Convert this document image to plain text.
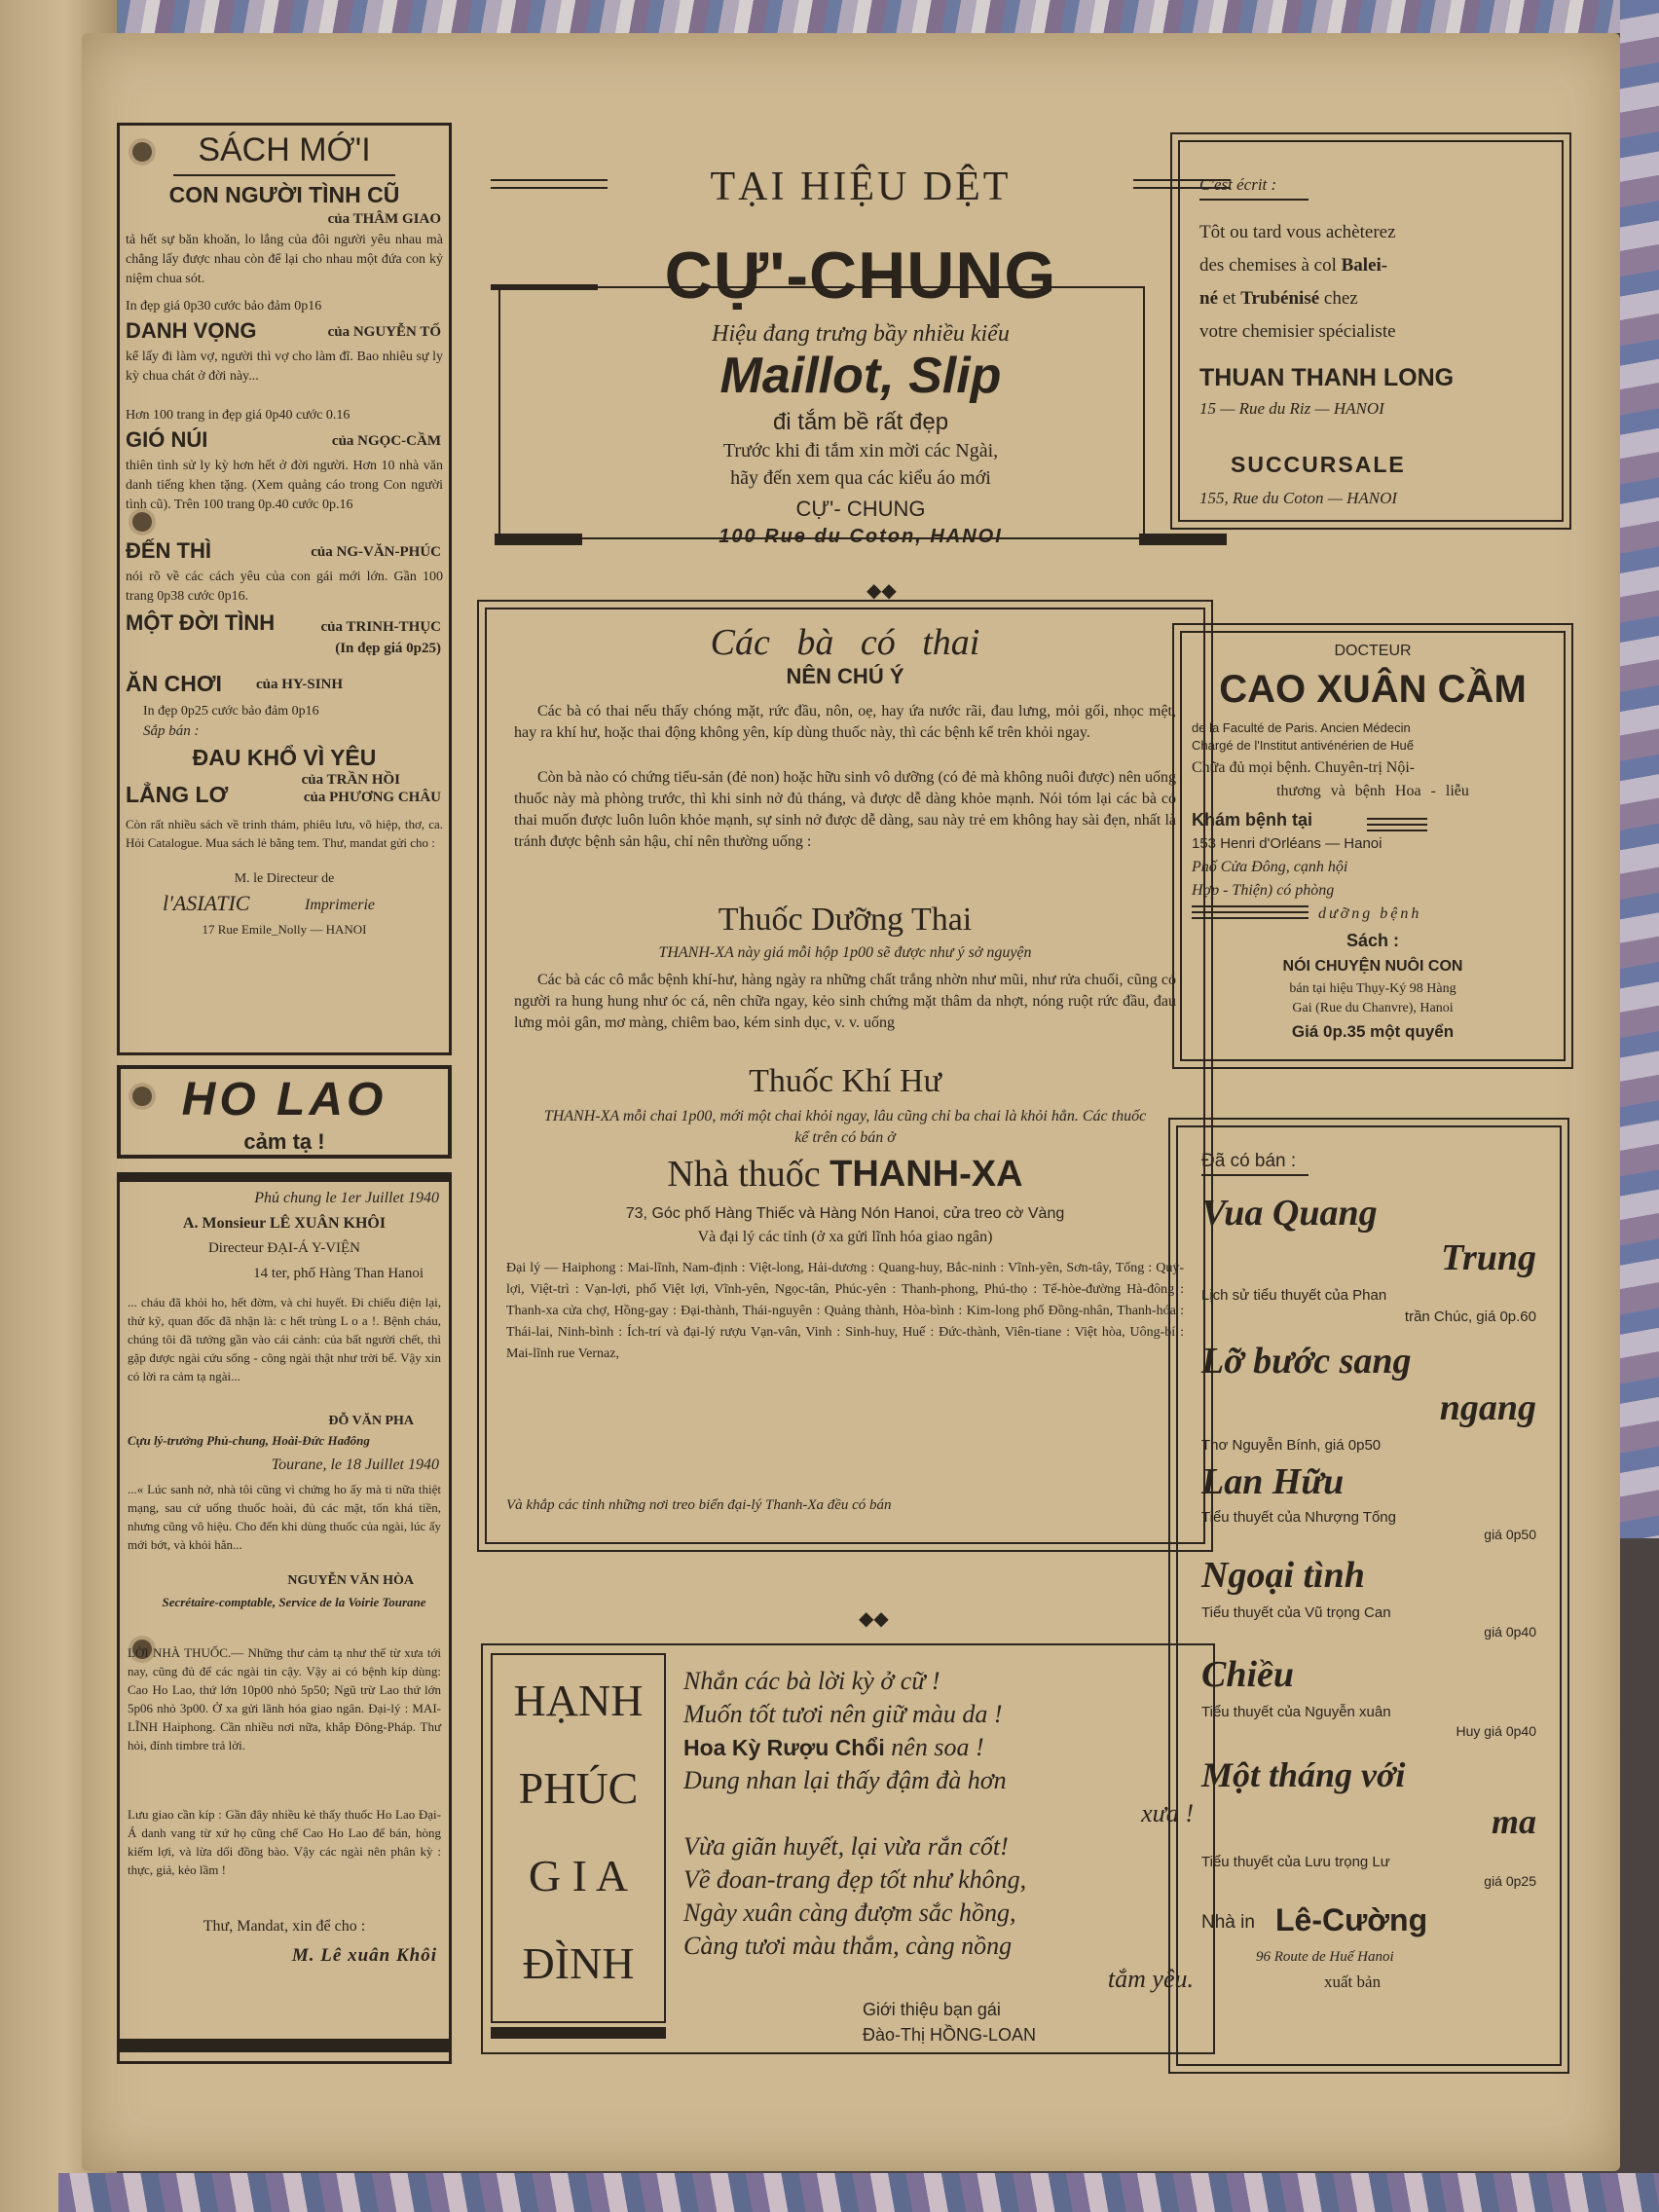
SÁCH MỚ'I
CON NGƯỜI TÌNH CŨ
của THÂM GIAO
tả hết sự băn khoăn, lo lắng của đôi người yêu nhau mà chẳng lấy được nhau còn để lại cho nhau một đứa con kỷ niệm chua sót.
In đẹp giá 0p30 cước bảo đảm 0p16
DANH VỌNG	của NGUYỄN TỐ
kể lấy đi làm vợ, người thì vợ cho làm đĩ. Bao nhiêu sự ly kỳ chua chát ở đời này...
Hơn 100 trang in đẹp giá 0p40 cước 0.16
GIÓ NÚI	của NGỌC-CẦM
thiên tình sử ly kỳ hơn hết ở đời người. Hơn 10 nhà văn danh tiếng khen tặng. (Xem quảng cáo trong Con người tình cũ). Trên 100 trang 0p.40 cước 0p.16
ĐẾN THÌ	của NG-VĂN-PHÚC
nói rõ về các cách yêu của con gái mới lớn. Gần 100 trang 0p38 cước 0p16.
MỘT ĐỜI TÌNH	của TRINH-THỤC (In đẹp giá 0p25)
ĂN CHƠI của HY-SINH
In đẹp 0p25 cước bảo đảm 0p16
Sắp bán :
ĐAU KHỔ VÌ YÊU
của TRẦN HỒI
LẲNG LƠ	của PHƯƠNG CHÂU
Còn rất nhiều sách về trinh thám, phiêu lưu, võ hiệp, thơ, ca. Hỏi Catalogue. Mua sách lẻ bằng tem. Thư, mandat gửi cho :
M. le Directeur de
l'ASIATIC	Imprimerie
17 Rue Emile_Nolly — HANOI
HO LAO
cảm tạ !
Phủ chung le 1er Juillet 1940
A. Monsieur LÊ XUÂN KHÔI
Directeur ĐẠI-Á Y-VIỆN
14 ter, phố Hàng Than Hanoi
... cháu đã khỏi ho, hết đờm, và chỉ huyết. Đi chiếu điện lại, thử kỹ, quan đốc đã nhận là: c hết trùng L o a !. Bệnh cháu, chúng tôi đã tưởng gần vào cái cảnh: của bất người chết, thì gặp được ngài cứu sống - công ngài thật như trời bể. Vậy xin có lời ra cảm tạ ngài...
ĐỖ VĂN PHA
Cựu lý-trưởng Phủ-chung, Hoài-Đức Hađông
Tourane, le 18 Juillet 1940
...« Lúc sanh nở, nhà tôi cũng vì chứng ho ấy mà ti nữa thiệt mạng, sau cứ uống thuốc hoài, đủ các mặt, tốn khá tiền, nhưng cũng vô hiệu. Cho đến khi dùng thuốc của ngài, lúc ấy mới bớt, và khỏi hẳn...
NGUYỄN VĂN HÒA
Secrétaire-comptable, Service de la Voirie Tourane
LỜI NHÀ THUỐC.— Những thư cảm tạ như thế từ xưa tới nay, cũng đủ để các ngài tin cậy. Vậy ai có bệnh kíp dùng: Cao Ho Lao, thứ lớn 10p00 nhỏ 5p50; Ngũ trừ Lao thứ lớn 5p06 nhỏ 3p00. Ở xa gửi lãnh hóa giao ngân. Đại-lý : MAI-LĨNH Haiphong. Cần nhiều nơi nữa, khắp Đông-Pháp. Thư hỏi, đính timbre trả lời.
Lưu giao cần kíp : Gần đây nhiều kẻ thấy thuốc Ho Lao Đại-Á danh vang từ xứ họ cũng chế Cao Ho Lao để bán, hòng kiếm lợi, và lừa dối đồng bào. Vậy các ngài nên phân kỳ : thực, giả, kẻo lầm !
Thư, Mandat, xin để cho :
M. Lê xuân Khôi
TẠI HIỆU DỆT
CỰ'-CHUNG
Hiệu đang trưng bầy nhiều kiểu
Maillot, Slip
đi tắm bề rất đẹp
Trước khi đi tắm xin mời các Ngài,
hãy đến xem qua các kiểu áo mới
CỰ'- CHUNG
100 Rue du Coton, HANOI
◆◆
C'est écrit :
Tôt ou tard vous achèterez
des chemises à col Balei-
né et Trubénisé chez
votre chemisier spécialiste
THUAN THANH LONG
15 — Rue du Riz — HANOI
SUCCURSALE
155, Rue du Coton — HANOI
Các bà có thai
NÊN CHÚ Ý
Các bà có thai nếu thấy chóng mặt, rức đầu, nôn, oẹ, hay ứa nước rãi, đau lưng, mỏi gối, nhọc mệt, hay ra khí hư, hoặc thai động không yên, kíp dùng thuốc này, thì các bệnh kể trên khỏi ngay.
Còn bà nào có chứng tiểu-sản (đẻ non) hoặc hữu sinh vô dưỡng (có đẻ mà không nuôi được) nên uống thuốc này mà phòng trước, thì khi sinh nở đủ tháng, và được dễ dàng khỏe mạnh. Nói tóm lại các bà có thai muốn được luôn luôn khỏe mạnh, sự sinh nở được dễ dàng, sau này trẻ em không hay sài đẹn, nhất là tránh được bệnh sản hậu, chỉ nên thường uống :
Thuốc Dưỡng Thai
THANH-XA này giá mỗi hộp 1p00 sẽ được như ý sở nguyện
Các bà các cô mắc bệnh khí-hư, hàng ngày ra những chất trắng nhờn như mũi, như rửa chuối, cũng có người ra hung hung như óc cá, nên chữa ngay, kẻo sinh chứng mặt thâm da nhợt, nóng ruột rức đầu, đau lưng mỏi gân, mơ màng, chiêm bao, kém sinh dục, v. v. uống
Thuốc Khí Hư
THANH-XA mỗi chai 1p00, mới một chai khỏi ngay, lâu cũng chỉ ba chai là khỏi hẳn. Các thuốc kể trên có bán ở
Nhà thuốc THANH-XA
73, Góc phố Hàng Thiếc và Hàng Nón Hanoi, cửa treo cờ Vàng
Và đại lý các tỉnh (ở xa gửi lĩnh hóa giao ngân)
Đại lý — Haiphong : Mai-lĩnh, Nam-định : Việt-long, Hải-dương : Quang-huy, Bắc-ninh : Vĩnh-yên, Sơn-tây, Tống : Quý-lợi, Việt-trì : Vạn-lợi, phố Việt lợi, Vĩnh-yên, Ngọc-tân, Phúc-yên : Thanh-phong, Phú-thọ : Tế-hòe-đường Hà-đông : Thanh-xa cửa chợ, Hồng-gay : Đại-thành, Thái-nguyên : Quảng thành, Hòa-bình : Kim-long phố Đồng-nhân, Thanh-hóa : Thái-lai, Ninh-bình : Ích-trí và đại-lý rượu Vạn-vân, Vinh : Sinh-huy, Huế : Đức-thành, Viên-tiane : Việt hòa, Uông-bí : Mai-lĩnh rue Vernaz,
Và khắp các tỉnh những nơi treo biển đại-lý Thanh-Xa đều có bán
◆◆
HẠNH
PHÚC
G I A
ĐÌNH
Nhắn các bà lời kỳ ở cữ !
Muốn tốt tươi nên giữ màu da !
Hoa Kỳ Rượu Chổi nên soa !
Dung nhan lại thấy đậm đà hơn
xưa !
Vừa giãn huyết, lại vừa rắn cốt!
Về đoan-trang đẹp tốt như không,
Ngày xuân càng đượm sắc hồng,
Càng tươi màu thắm, càng nồng
tắm yêu.
Giới thiệu bạn gái
Đào-Thị HỒNG-LOAN
DOCTEUR
CAO XUÂN CẦM
de la Faculté de Paris. Ancien Médecin
Chargé de l'Institut antivénérien de Huế
Chữa đủ mọi bệnh. Chuyên-trị Nội-
thương và bệnh Hoa - liễu
Khám bệnh tại
153 Henri d'Orléans — Hanoi
Phố Cửa Đông, cạnh hội
Hợp - Thiện) có phòng
dưỡng bệnh
Sách :
NÓI CHUYỆN NUÔI CON
bán tại hiệu Thụy-Ký 98 Hàng
Gai (Rue du Chanvre), Hanoi
Giá 0p.35 một quyển
Đã có bán :
Vua Quang
Trung
Lịch sử tiểu thuyết của Phan
trần Chúc, giá 0p.60
Lỡ bước sang
ngang
Thơ Nguyễn Bính, giá 0p50
Lan Hữu
Tiểu thuyết của Nhượng Tống
giá 0p50
Ngoại tình
Tiểu thuyết của Vũ trọng Can
giá 0p40
Chiều
Tiểu thuyết của Nguyễn xuân
Huy giá 0p40
Một tháng với
ma
Tiểu thuyết của Lưu trọng Lư
giá 0p25
Nhà in Lê-Cường
96 Route de Huế Hanoi
xuất bản
